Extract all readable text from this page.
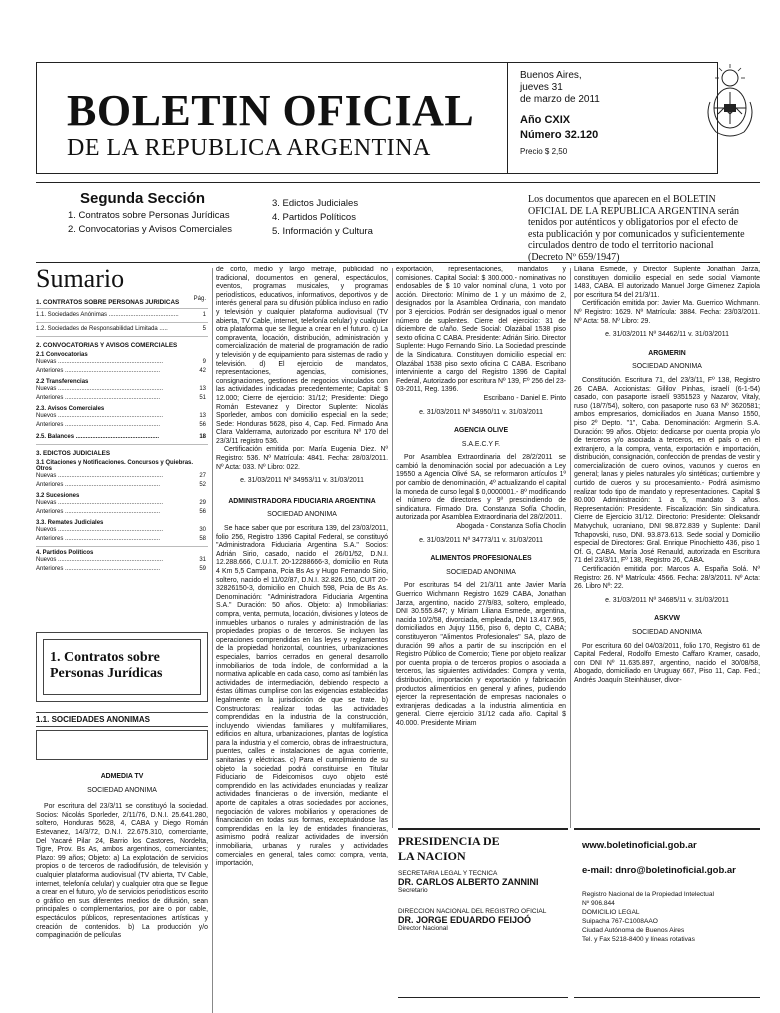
BOLETIN OFICIAL
DE LA REPUBLICA ARGENTINA
Buenos Aires,
jueves 31
de marzo de 2011
Año CXIX
Número 32.120
Precio $ 2,50
Segunda Sección
1. Contratos sobre Personas Jurídicas
2. Convocatorias y Avisos Comerciales
3. Edictos Judiciales
4. Partidos Políticos
5. Información y Cultura
Los documentos que aparecen en el BOLETIN OFICIAL DE LA REPUBLICA ARGENTINA serán tenidos por auténticos y obligatorios por el efecto de esta publicación y por comunicados y suficientemente circulados dentro de todo el territorio nacional (Decreto Nº 659/1947)
Sumario
Pág.
1. CONTRATOS SOBRE PERSONAS JURIDICAS
1.1. Sociedades Anónimas ..........................................	1
1.2. Sociedades de Responsabilidad Limitada .....	5
2. CONVOCATORIAS Y AVISOS COMERCIALES
2.1 Convocatorias
Nuevas ...............................................................	9
Anteriores .........................................................	42
2.2 Transferencias
Nuevas ...............................................................	13
Anteriores .........................................................	51
2.3. Avisos Comerciales
Nuevos ...............................................................	13
Anteriores .........................................................	56
2.5. Balances ..................................................	18
3. EDICTOS JUDICIALES
3.1 Citaciones y Notificaciones. Concursos y Quiebras. Otros
Nuevas ...............................................................	27
Anteriores .........................................................	52
3.2 Sucesiones
Nuevas ...............................................................	29
Anteriores .........................................................	56
3.3. Remates Judiciales
Nuevos ...............................................................	30
Anteriores .........................................................	58
4. Partidos Políticos
Nuevos ...............................................................	31
Anteriores .........................................................	59
1. Contratos sobre Personas Jurídicas
1.1. SOCIEDADES ANONIMAS
ADMEDIA TV
SOCIEDAD ANONIMA
Por escritura del 23/3/11 se constituyó la sociedad. Socios: Nicolás Sporleder, 2/11/76, D.N.I. 25.641.280, soltero, Honduras 5628, 4, CABA y Diego Román Estevanez, 14/3/72, D.N.I. 22.675.310, comerciante, Del Yacaré Pilar 24, Barrio los Castores, Nordelta, Tigre, Prov. Bs As, ambos argentinos, comerciantes; Plazo: 99 años; Objeto: a) La explotación de servicios propios o de terceros de radiodifusión, de televisión y cualquier plataforma audiovisual (TV abierta, TV Cable, internet, telefonía celular) y cualquier otra que se llegue a crear en el futuro, y/o de servicios periodísticos escrito o gráfico en sus diferentes medios de difusión, sean principales o complementarios, por aire o por cable, espectáculos públicos, representaciones artísticas y creación de contenidos. b) La producción y/o compaginación de películas
de corto, medio y largo metraje, publicidad no tradicional, documentos en general, espectáculos, eventos, programas musicales, y programas periodísticos, educativos, informativos, deportivos y de interés general para su difusión pública incluso en radio y televisión y cualquier plataforma audiovisual (TV abierta, TV Cable, internet, telefonía celular) y cualquier otra plataforma que se llegue a crear en el futuro. c) La compraventa, locación, distribución, administración y comercialización de material de programación de radio y televisión y de equipamiento para sistemas de radio y televisión. d) El ejercicio de mandatos, representaciones, agencias, comisiones, consignaciones, gestiones de negocios vinculados con las actividades indicadas precedentemente; Capital: $ 12.000; Cierre de ejercicio: 31/12; Presidente: Diego Román Estevanez y Director Suplente: Nicolás Sporleder, ambos con domicilio especial en la sede; Sede: Honduras 5628, piso 4, Cap. Fed. Firmado Ana Clara Valderrama, autorizado por escritura Nº 170 del 23/3/11 registro 536.
Certificación emitida por: María Eugenia Diez. Nº Registro: 536. Nº Matrícula: 4841. Fecha: 28/03/2011. Nº Acta: 033. Nº Libro: 022.
e. 31/03/2011 Nº 34953/11 v. 31/03/2011
ADMINISTRADORA FIDUCIARIA ARGENTINA
SOCIEDAD ANONIMA
Se hace saber que por escritura 139, del 23/03/2011, folio 256, Registro 1396 Capital Federal, se constituyó "Administradora Fiduciaria Argentina S.A." Socios: Adrián Sirio, casado, nacido el 26/01/52, D.N.I. 12.288.666, C.U.I.T. 20-12288666-3, domicilio en Ruta 4 Km 5,5 Campana, Pcia Bs As y Hugo Fernando Sirio, soltero, nacido el 11/02/87, D.N.I. 32.826.150, CUIT 20-32826150-3, domicilio en Chuich 598, Pcia de Bs As. Denominación: "Administradora Fiduciaria Argentina S.A." Duración: 50 años. Objeto: a) Inmobiliarias: compra, venta, permuta, locación, divisiones y loteos de inmuebles urbanos o rurales y administración de las propiedades propias o de terceros. Se incluyen las operaciones comprendidas en las leyes y reglamentos de la propiedad horizontal, countries, urbanizaciones especiales, barrios cerrados en general desarrollo inmobiliarios de toda índole, de conformidad a la normativa aplicable en cada caso, como así también las actividades de intermediación, debiendo respecto a éstas últimas cumplirse con las exigencias establecidas legalmente en la jurisdicción de que se trate. b) Constructoras: realizar todas las actividades comprendidas en la industria de la construcción, incluyendo viviendas familiares y multifamiliares, edificios en altura, urbanizaciones, plantas de logística para la industria y el comercio, obras de infraestructura, puentes, calles e instalaciones de agua corriente, sanitarias y eléctricas. c) Para el cumplimiento de su objeto la sociedad podrá constituirse en Titular Fiduciario de Fideicomisos cuyo objeto esté comprendido en las actividades enunciadas y realizar actividades financieras o de inversión, mediante el aporte de capitales a otras sociedades por acciones, negociación de valores mobiliarios y operaciones de financiación en todas sus formas, exceptuándose las comprendidas en la ley de entidades financieras, asimismo podrá realizar actividades de inversión inmobiliaria, urbanas y rurales y actividades comerciales en general, tales como: compra, venta, importación,
exportación, representaciones, mandatos y comisiones. Capital Social: $ 300.000.- nominativas no endosables de $ 10 valor nominal c/una, 1 voto por acción. Directorio: Mínimo de 1 y un máximo de 2, designados por la Asamblea Ordinaria, con mandato por 3 ejercicios. Podrán ser designados igual o menor número de suplentes. Cierre del ejercicio: 31 de diciembre de c/año. Sede Social: Olazábal 1538 piso sexto oficina C CABA. Presidente: Adrián Sirio. Director Suplente: Hugo Fernando Sirio. La Sociedad prescinde de la Sindicatura. Constituyen domicilio especial en: Olazábal 1538 piso sexto oficina C CABA. Escribano interviniente a cargo del Registro 1396 de Capital Federal, Autorizado por escritura Nº 139, Fº 256 del 23-03-2011, Reg. 1396.
Escribano - Daniel E. Pinto
e. 31/03/2011 Nº 34950/11 v. 31/03/2011
AGENCIA OLIVE
S.A.E.C.Y F.
Por Asamblea Extraordinaria del 28/2/2011 se cambió la denominación social por adecuación a Ley 19550 a Agencia Olivé SA, se reformaron artículos 1º por cambio de denominación, 4º actualizando el capital la moneda de curso legal $ 0,0000001.- 8º modificando el número de directores y 9º prescindiendo de sindicatura. Firmado Dra. Constanza Sofía Choclin, autorizada por Asamblea Extraordinaria del 28/2/2011.
Abogada - Constanza Sofía Choclin
e. 31/03/2011 Nº 34773/11 v. 31/03/2011
ALIMENTOS PROFESIONALES
SOCIEDAD ANONIMA
Por escrituras 54 del 21/3/11 ante Javier María Guerrico Wichmann Registro 1629 CABA, Jonathan Jarza, argentino, nacido 27/9/83, soltero, empleado, DNI 30.555.847; y Miriam Liliana Esmede, argentina, nacida 10/2/58, divorciada, empleada, DNI 13.417.965, domiciliados en Jujuy 1156, piso 6, depto C, CABA; constituyeron "Alimentos Profesionales" SA, plazo de duración 99 años a partir de su inscripción en el Registro Público de Comercio; Tiene por objeto realizar por cuenta propia o de terceros propios o asociada a terceros, las siguientes actividades: Compra y venta, distribución, importación y exportación y fabricación productos alimenticios en general y afines, pudiendo ejercer la representación de empresas nacionales o extranjeras dedicadas a la industria alimenticia en general. Cierre ejercicio 31/12 cada año. Capital $ 40.000. Presidente Miriam
Liliana Esmede, y Director Suplente Jonathan Jarza, constituyen domicilio especial en sede social Viamonte 1483, CABA. El autorizado Manuel Jorge Gimenez Zapiola por escritura 54 del 21/3/11.
Certificación emitida por: Javier Ma. Guerrico Wichmann. Nº Registro: 1629. Nº Matrícula: 3884. Fecha: 23/03/2011. Nº Acta: 58. Nº Libro: 29.
e. 31/03/2011 Nº 34462/11 v. 31/03/2011
ARGMERIN
SOCIEDAD ANONIMA
Constitución. Escritura 71, del 23/3/11, Fº 138, Registro 26 CABA. Accionistas: Gililov Pinhas, israelí (6-1-54) casado, con pasaporte israelí 9351523 y Nazarov, Vitaly, ruso (18/7/54), soltero, con pasaporte ruso 63 Nº 3620581; ambos empresarios, domiciliados en Juana Manso 1550, piso 2º Depto. "1", Caba. Denominación: Argmerin S.A. Duración: 99 años. Objeto: dedicarse por cuenta propia y/o de terceros y/o asociada a terceros, en el país o en el extranjero, a la compra, venta, exportación e importación, distribución, consignación, confección de prendas de vestir y comercialización de cuero ovinos, vacunos y cueros en general; lanas y pieles naturales y/o sintéticas; curtiembre y curtido de cueros y su procesamiento.- Podrá asimismo realizar todo tipo de mandato y representaciones. Capital $ 80.000 Administración: 1 a 5, mandato 3 años. Representación: Presidente. Fiscalización: Sin sindicatura. Cierre de Ejercicio 31/12. Directorio: Presidente: Oleksandr Matvychuk, ucraniano, DNI 98.872.839 y Suplente: Danil Tchapovski, ruso, DNI. 93.873.613. Sede social y Domicilio especial de Directores: Gral. Enrique Pinochietto 436, piso 1 Of. G, CABA. María José Renauld, autorizada en Escritura 71 del 23/3/11, Fº 138, Registro 26, CABA.
Certificación emitida por: Marcos A. España Solá. Nº Registro: 26. Nº Matrícula: 4566. Fecha: 28/3/2011. Nº Acta: 26. Libro Nº: 22.
e. 31/03/2011 Nº 34685/11 v. 31/03/2011
ASKVW
SOCIEDAD ANONIMA
Por escritura 60 del 04/03/2011, folio 170, Registro 61 de Capital Federal, Rodolfo Ernesto Caffaro Kramer, casado, con DNI Nº 11.635.897, argentino, nacido el 30/08/58, Abogado, domiciliado en Uruguay 667, Piso 11, Cap. Fed.; Andrés Joaquín Steinhäuser, divor-
PRESIDENCIA DE
LA NACION
SECRETARIA LEGAL Y TECNICA
DR. CARLOS ALBERTO ZANNINI
Secretario
DIRECCION NACIONAL DEL REGISTRO OFICIAL
DR. JORGE EDUARDO FEIJOÓ
Director Nacional
www.boletinoficial.gob.ar
e-mail: dnro@boletinoficial.gob.ar
Registro Nacional de la Propiedad Intelectual
Nº 906.844
DOMICILIO LEGAL
Suipacha 767-C1008AAO
Ciudad Autónoma de Buenos Aires
Tel. y Fax 5218-8400 y líneas rotativas
